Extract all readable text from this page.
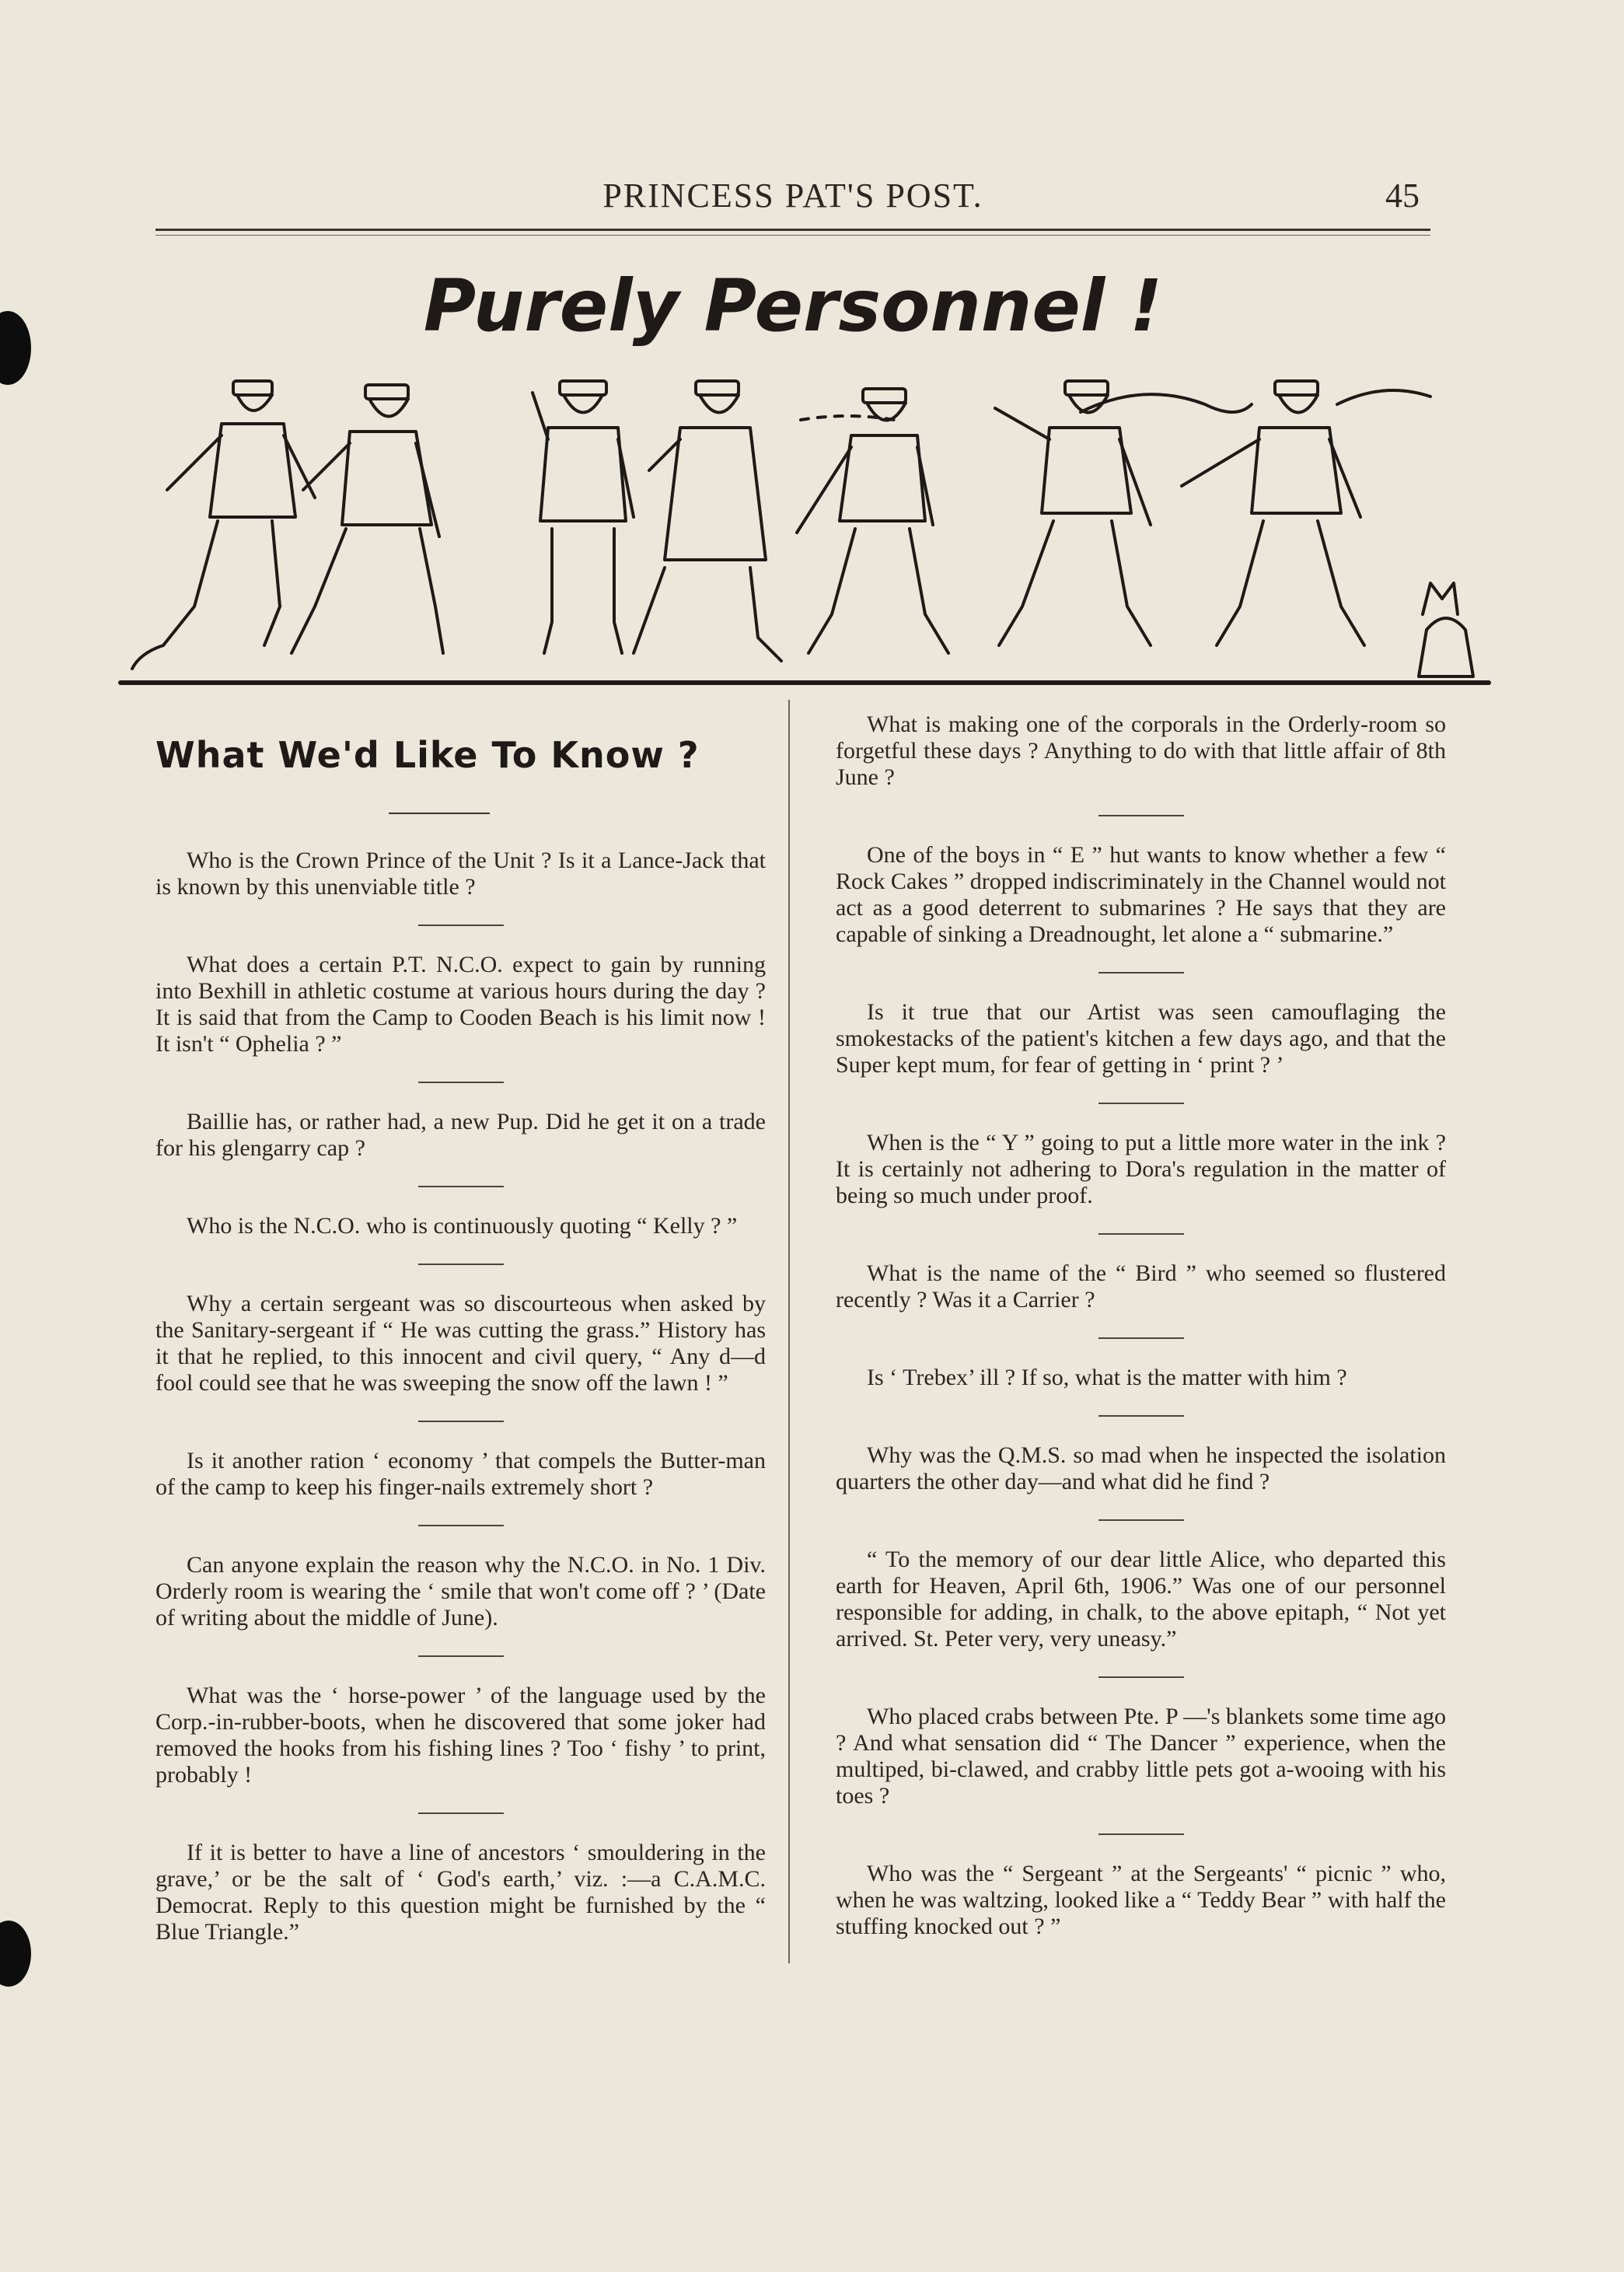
PRINCESS PAT'S POST.	45
Purely Personnel !
What We'd Like To Know ?

Who is the Crown Prince of the Unit ? Is it a Lance-Jack that is known by this unenviable title ?

What does a certain P.T. N.C.O. expect to gain by running into Bexhill in athletic costume at various hours during the day ? It is said that from the Camp to Cooden Beach is his limit now ! It isn't “ Ophelia ? ”

Baillie has, or rather had, a new Pup. Did he get it on a trade for his glengarry cap ?

Who is the N.C.O. who is continuously quoting “ Kelly ? ”

Why a certain sergeant was so discourteous when asked by the Sanitary-sergeant if “ He was cutting the grass.” History has it that he replied, to this innocent and civil query, “ Any d—d fool could see that he was sweeping the snow off the lawn ! ”

Is it another ration ‘ economy ’ that compels the Butter-man of the camp to keep his finger-nails extremely short ?

Can anyone explain the reason why the N.C.O. in No. 1 Div. Orderly room is wearing the ‘ smile that won't come off ? ’ (Date of writing about the middle of June).

What was the ‘ horse-power ’ of the language used by the Corp.-in-rubber-boots, when he discovered that some joker had removed the hooks from his fishing lines ? Too ‘ fishy ’ to print, probably !

If it is better to have a line of ancestors ‘ smouldering in the grave,’ or be the salt of ‘ God's earth,’ viz. :—a C.A.M.C. Democrat. Reply to this question might be furnished by the “ Blue Triangle.”

What is making one of the corporals in the Orderly-room so forgetful these days ? Anything to do with that little affair of 8th June ?

One of the boys in “ E ” hut wants to know whether a few “ Rock Cakes ” dropped indiscriminately in the Channel would not act as a good deterrent to submarines ? He says that they are capable of sinking a Dreadnought, let alone a “ submarine.”

Is it true that our Artist was seen camouflaging the smokestacks of the patient's kitchen a few days ago, and that the Super kept mum, for fear of getting in ‘ print ? ’

When is the “ Y ” going to put a little more water in the ink ? It is certainly not adhering to Dora's regulation in the matter of being so much under proof.

What is the name of the “ Bird ” who seemed so flustered recently ? Was it a Carrier ?

Is ‘ Trebex’ ill ? If so, what is the matter with him ?

Why was the Q.M.S. so mad when he inspected the isolation quarters the other day—and what did he find ?

“ To the memory of our dear little Alice, who departed this earth for Heaven, April 6th, 1906.” Was one of our personnel responsible for adding, in chalk, to the above epitaph, “ Not yet arrived. St. Peter very, very uneasy.”

Who placed crabs between Pte. P —'s blankets some time ago ? And what sensation did “ The Dancer ” experience, when the multiped, bi-clawed, and crabby little pets got a-wooing with his toes ?

Who was the “ Sergeant ” at the Sergeants' “ picnic ” who, when he was waltzing, looked like a “ Teddy Bear ” with half the stuffing knocked out ? ”
